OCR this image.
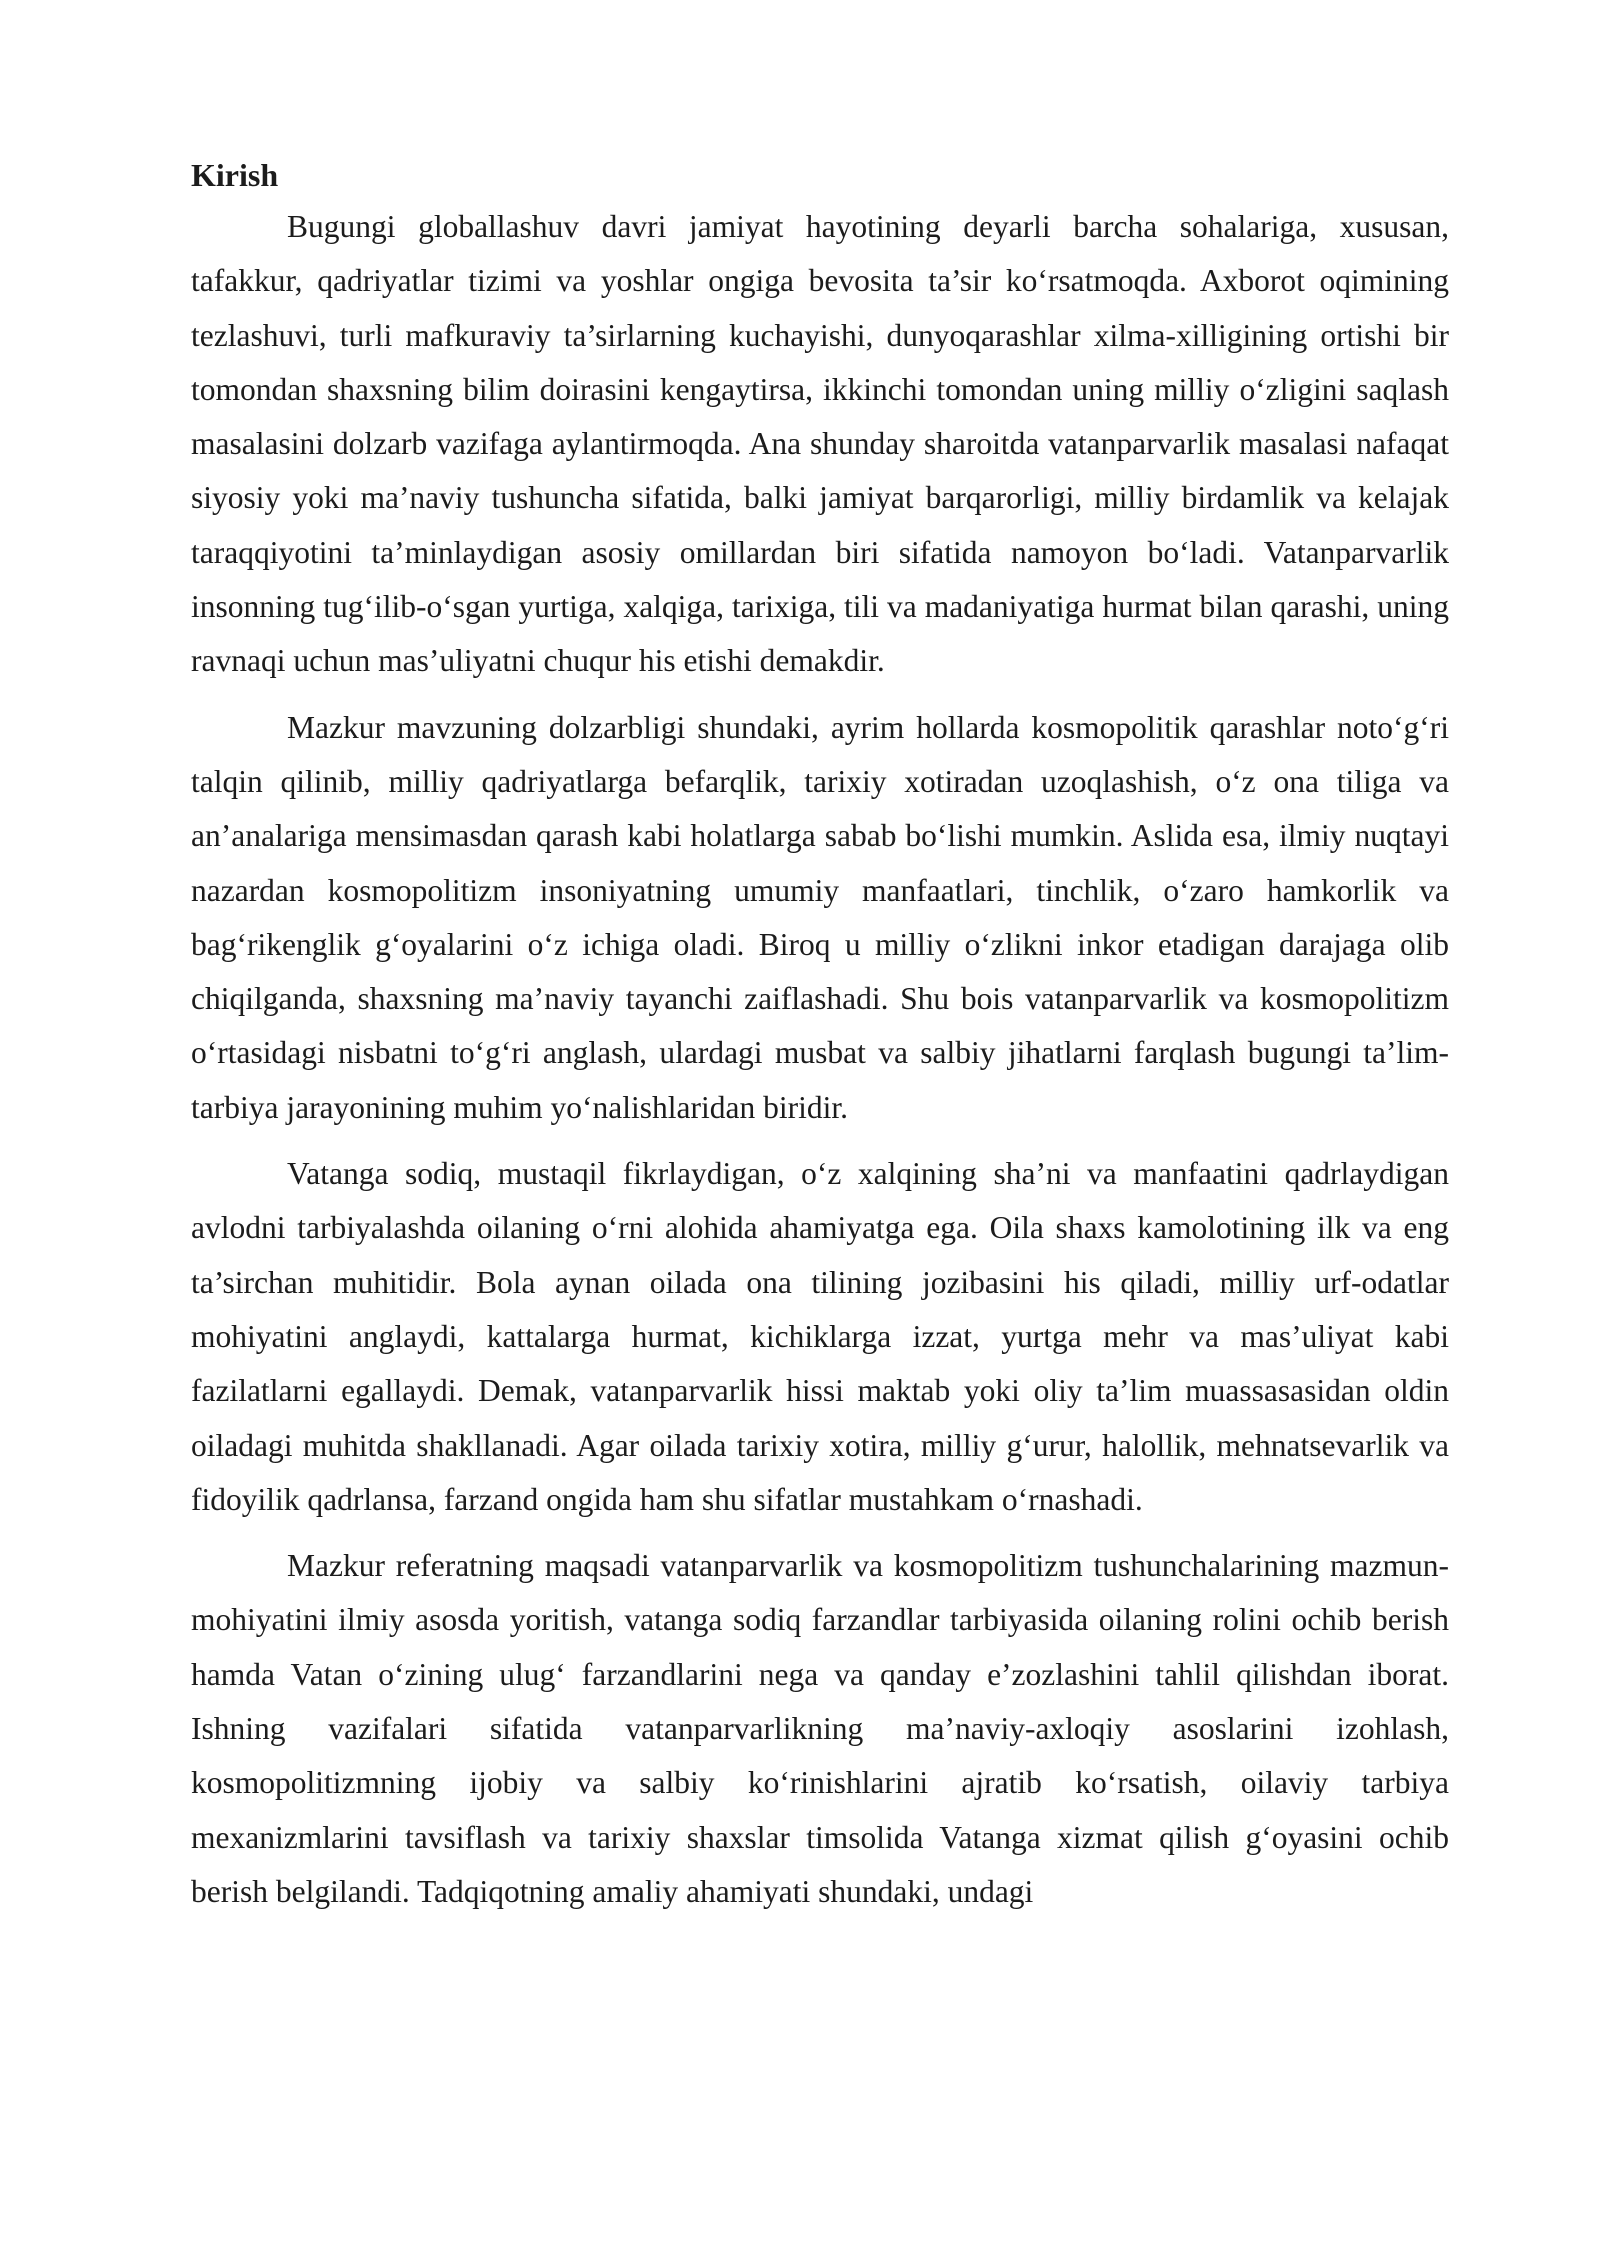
Kirish

Bugungi globallashuv davri jamiyat hayotining deyarli barcha sohalariga, xususan, tafakkur, qadriyatlar tizimi va yoshlar ongiga bevosita ta’sir ko‘rsatmoqda. Axborot oqimining tezlashuvi, turli mafkuraviy ta’sirlarning kuchayishi, dunyoqarashlar xilma-xilligining ortishi bir tomondan shaxsning bilim doirasini kengaytirsa, ikkinchi tomondan uning milliy o‘zligini saqlash masalasini dolzarb vazifaga aylantirmoqda. Ana shunday sharoitda vatanparvarlik masalasi nafaqat siyosiy yoki ma’naviy tushuncha sifatida, balki jamiyat barqarorligi, milliy birdamlik va kelajak taraqqiyotini ta’minlaydigan asosiy omillardan biri sifatida namoyon bo‘ladi. Vatanparvarlik insonning tug‘ilib-o‘sgan yurtiga, xalqiga, tarixiga, tili va madaniyatiga hurmat bilan qarashi, uning ravnaqi uchun mas’uliyatni chuqur his etishi demakdir.

Mazkur mavzuning dolzarbligi shundaki, ayrim hollarda kosmopolitik qarashlar noto‘g‘ri talqin qilinib, milliy qadriyatlarga befarqlik, tarixiy xotiradan uzoqlashish, o‘z ona tiliga va an’analariga mensimasdan qarash kabi holatlarga sabab bo‘lishi mumkin. Aslida esa, ilmiy nuqtayi nazardan kosmopolitizm insoniyatning umumiy manfaatlari, tinchlik, o‘zaro hamkorlik va bag‘rikenglik g‘oyalarini o‘z ichiga oladi. Biroq u milliy o‘zlikni inkor etadigan darajaga olib chiqilganda, shaxsning ma’naviy tayanchi zaiflashadi. Shu bois vatanparvarlik va kosmopolitizm o‘rtasidagi nisbatni to‘g‘ri anglash, ulardagi musbat va salbiy jihatlarni farqlash bugungi ta’lim-tarbiya jarayonining muhim yo‘nalishlaridan biridir.

Vatanga sodiq, mustaqil fikrlaydigan, o‘z xalqining sha’ni va manfaatini qadrlaydigan avlodni tarbiyalashda oilaning o‘rni alohida ahamiyatga ega. Oila shaxs kamolotining ilk va eng ta’sirchan muhitidir. Bola aynan oilada ona tilining jozibasini his qiladi, milliy urf-odatlar mohiyatini anglaydi, kattalarga hurmat, kichiklarga izzat, yurtga mehr va mas’uliyat kabi fazilatlarni egallaydi. Demak, vatanparvarlik hissi maktab yoki oliy ta’lim muassasasidan oldin oiladagi muhitda shakllanadi. Agar oilada tarixiy xotira, milliy g‘urur, halollik, mehnatsevarlik va fidoyilik qadrlansa, farzand ongida ham shu sifatlar mustahkam o‘rnashadi.

Mazkur referatning maqsadi vatanparvarlik va kosmopolitizm tushunchalarining mazmun-mohiyatini ilmiy asosda yoritish, vatanga sodiq farzandlar tarbiyasida oilaning rolini ochib berish hamda Vatan o‘zining ulug‘ farzandlarini nega va qanday e’zozlashini tahlil qilishdan iborat. Ishning vazifalari sifatida vatanparvarlikning ma’naviy-axloqiy asoslarini izohlash, kosmopolitizmning ijobiy va salbiy ko‘rinishlarini ajratib ko‘rsatish, oilaviy tarbiya mexanizmlarini tavsiflash va tarixiy shaxslar timsolida Vatanga xizmat qilish g‘oyasini ochib berish belgilandi. Tadqiqotning amaliy ahamiyati shundaki, undagi
